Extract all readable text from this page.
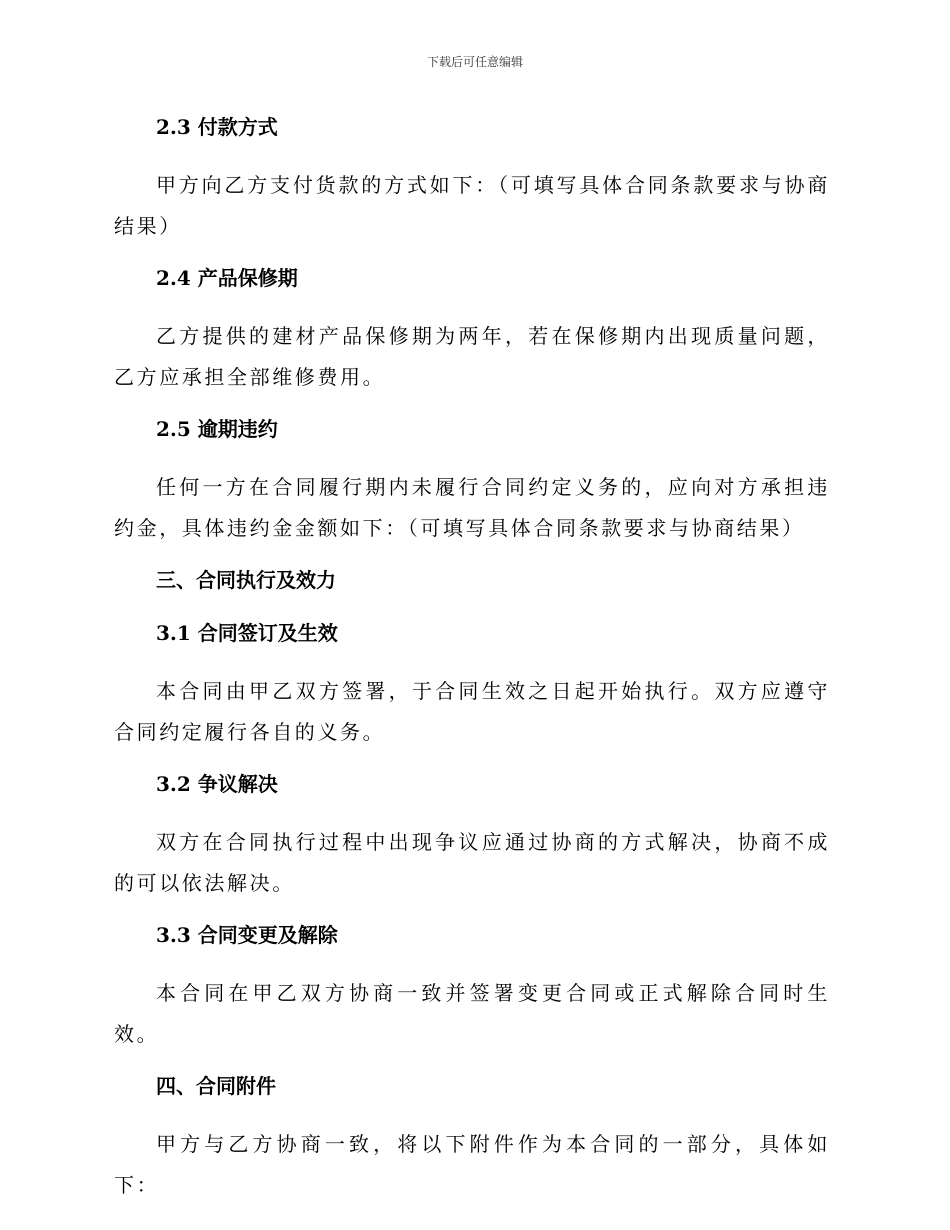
下载后可任意编辑
2.3 付款方式

甲方向乙方支付货款的方式如下：（可填写具体合同条款要求与协商结果）

2.4 产品保修期

乙方提供的建材产品保修期为两年，若在保修期内出现质量问题，乙方应承担全部维修费用。

2.5 逾期违约

任何一方在合同履行期内未履行合同约定义务的，应向对方承担违约金，具体违约金金额如下：（可填写具体合同条款要求与协商结果）

三、合同执行及效力
3.1 合同签订及生效

本合同由甲乙双方签署，于合同生效之日起开始执行。双方应遵守合同约定履行各自的义务。

3.2 争议解决

双方在合同执行过程中出现争议应通过协商的方式解决，协商不成的可以依法解决。

3.3 合同变更及解除

本合同在甲乙双方协商一致并签署变更合同或正式解除合同时生效。

四、合同附件

甲方与乙方协商一致，将以下附件作为本合同的一部分，具体如下：
